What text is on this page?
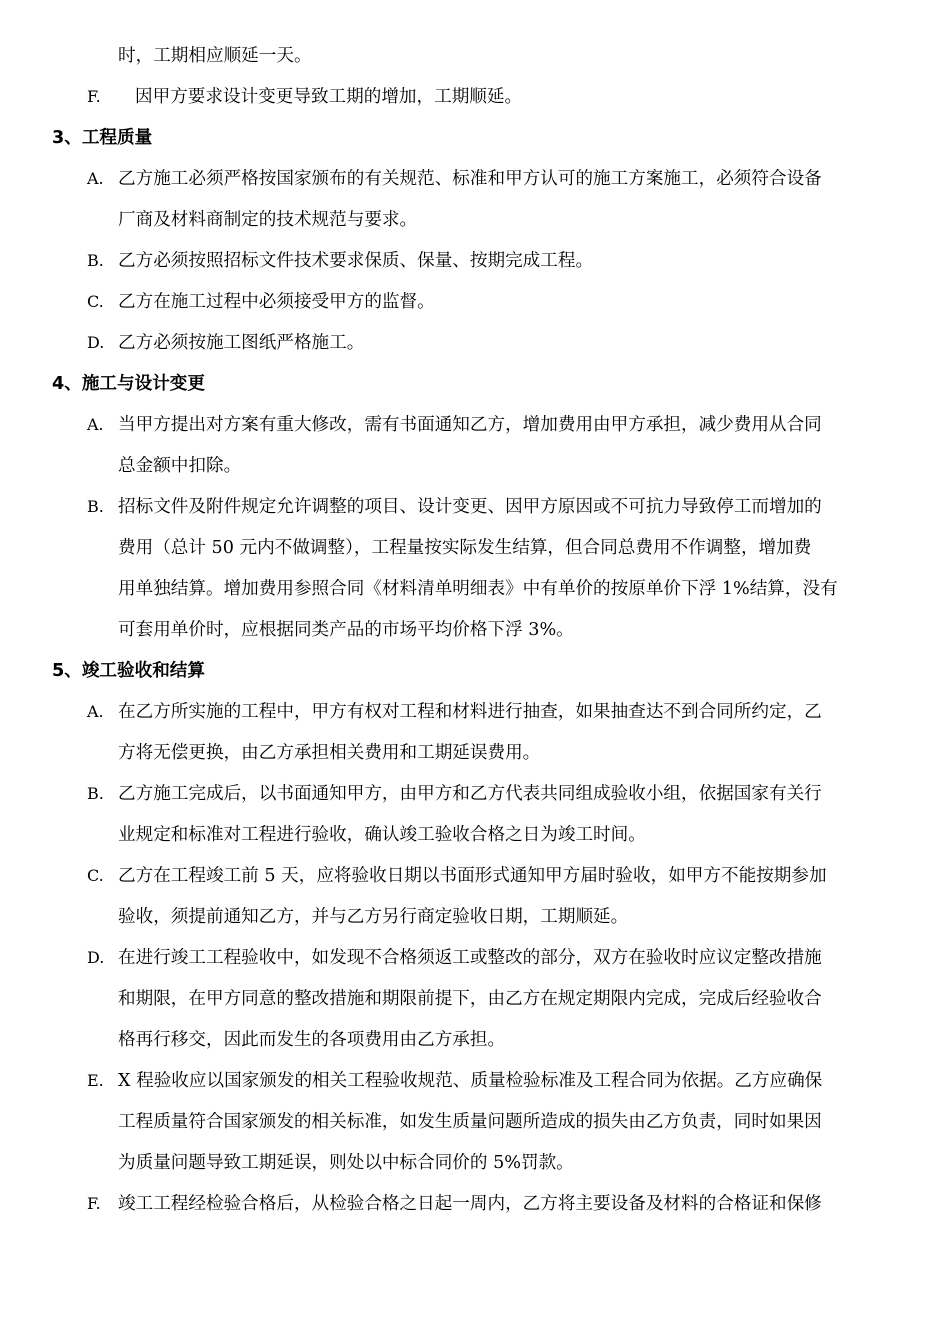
时，工期相应顺延一天。
F. 因甲方要求设计变更导致工期的增加，工期顺延。
3、工程质量
A. 乙方施工必须严格按国家颁布的有关规范、标准和甲方认可的施工方案施工，必须符合设备
厂商及材料商制定的技术规范与要求。
B. 乙方必须按照招标文件技术要求保质、保量、按期完成工程。
C. 乙方在施工过程中必须接受甲方的监督。
D. 乙方必须按施工图纸严格施工。
4、施工与设计变更
A. 当甲方提出对方案有重大修改，需有书面通知乙方，增加费用由甲方承担，减少费用从合同
总金额中扣除。
B. 招标文件及附件规定允许调整的项目、设计变更、因甲方原因或不可抗力导致停工而增加的
费用（总计 50 元内不做调整），工程量按实际发生结算，但合同总费用不作调整，增加费
用单独结算。增加费用参照合同《材料清单明细表》中有单价的按原单价下浮 1%结算，没有
可套用单价时，应根据同类产品的市场平均价格下浮 3%。
5、竣工验收和结算
A. 在乙方所实施的工程中，甲方有权对工程和材料进行抽查，如果抽查达不到合同所约定，乙
方将无偿更换，由乙方承担相关费用和工期延误费用。
B. 乙方施工完成后，以书面通知甲方，由甲方和乙方代表共同组成验收小组，依据国家有关行
业规定和标准对工程进行验收，确认竣工验收合格之日为竣工时间。
C. 乙方在工程竣工前 5 天，应将验收日期以书面形式通知甲方届时验收，如甲方不能按期参加
验收，须提前通知乙方，并与乙方另行商定验收日期，工期顺延。
D. 在进行竣工工程验收中，如发现不合格须返工或整改的部分，双方在验收时应议定整改措施
和期限，在甲方同意的整改措施和期限前提下，由乙方在规定期限内完成，完成后经验收合
格再行移交，因此而发生的各项费用由乙方承担。
E. X 程验收应以国家颁发的相关工程验收规范、质量检验标准及工程合同为依据。乙方应确保
工程质量符合国家颁发的相关标准，如发生质量问题所造成的损失由乙方负责，同时如果因
为质量问题导致工期延误，则处以中标合同价的 5%罚款。
F. 竣工工程经检验合格后，从检验合格之日起一周内，乙方将主要设备及材料的合格证和保修
